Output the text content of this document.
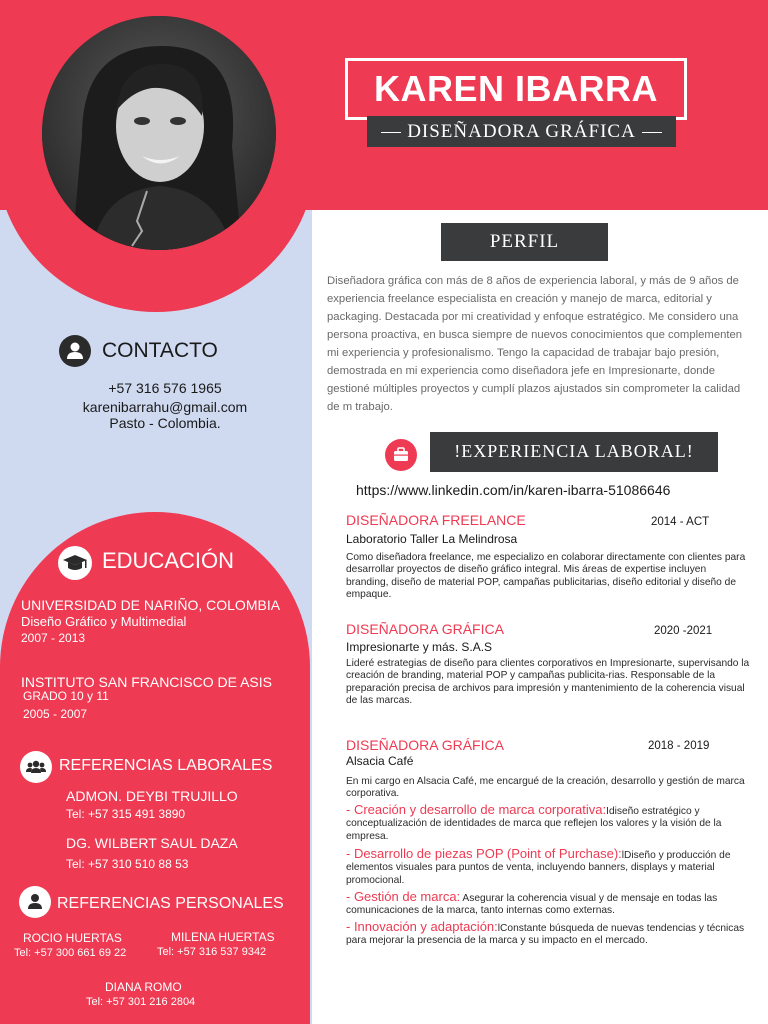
KAREN IBARRA
DISEÑADORA GRÁFICA
PERFIL
Diseñadora gráfica con más de 8 años de experiencia laboral, y más de 9 años de experiencia freelance especialista en creación y manejo de marca, editorial y packaging. Destacada por mi creatividad y enfoque estratégico. Me considero una persona proactiva, en busca siempre de nuevos conocimientos que complementen mi experiencia y profesionalismo. Tengo la capacidad de trabajar bajo presión, demostrada en mi experiencia como diseñadora jefe en Impresionarte, donde gestioné múltiples proyectos y cumplí plazos ajustados sin comprometer la calidad de m trabajo.
!EXPERIENCIA LABORAL!
https://www.linkedin.com/in/karen-ibarra-51086646
DISEÑADORA FREELANCE	2014 - ACT
Laboratorio Taller La Melindrosa
Como diseñadora freelance, me especializo en colaborar directamente con clientes para desarrollar proyectos de diseño gráfico integral. Mis áreas de expertise incluyen branding, diseño de material POP, campañas publicitarias, diseño editorial y diseño de empaque.
DISEÑADORA GRÁFICA	2020 -2021
Impresionarte y más. S.A.S
Lideré estrategias de diseño para clientes corporativos en Impresionarte, supervisando la creación de branding, material POP y campañas publicita-rias. Responsable de la preparación precisa de archivos para impresión y mantenimiento de la coherencia visual de las marcas.
DISEÑADORA GRÁFICA	2018 - 2019
Alsacia Café
En mi cargo en Alsacia Café, me encargué de la creación, desarrollo y gestión de marca corporativa.
- Creación y desarrollo de marca corporativa:Idiseño estratégico y conceptualización de identidades de marca que reflejen los valores y la visión de la empresa.
- Desarrollo de piezas POP (Point of Purchase):lDiseño y producción de elementos visuales para puntos de venta, incluyendo banners, displays y material promocional.
- Gestión de marca: Asegurar la coherencia visual y de mensaje en todas las comunicaciones de la marca, tanto internas como externas.
- Innovación y adaptación:lConstante búsqueda de nuevas tendencias y técnicas para mejorar la presencia de la marca y su impacto en el mercado.
CONTACTO
+57 316 576 1965
karenibarrahu@gmail.com
Pasto - Colombia.
EDUCACIÓN
UNIVERSIDAD DE NARIÑO, COLOMBIA
Diseño Gráfico y Multimedial
2007 - 2013
INSTITUTO SAN FRANCISCO DE ASIS
GRADO 10 y 11
2005 - 2007
REFERENCIAS LABORALES
ADMON. DEYBI TRUJILLO
Tel: +57 315 491 3890
DG. WILBERT SAUL DAZA
Tel: +57 310 510 88 53
REFERENCIAS PERSONALES
ROCIO HUERTAS
Tel: +57 300 661 69 22
MILENA HUERTAS
Tel: +57 316 537 9342
DIANA ROMO
Tel: +57 301 216 2804
